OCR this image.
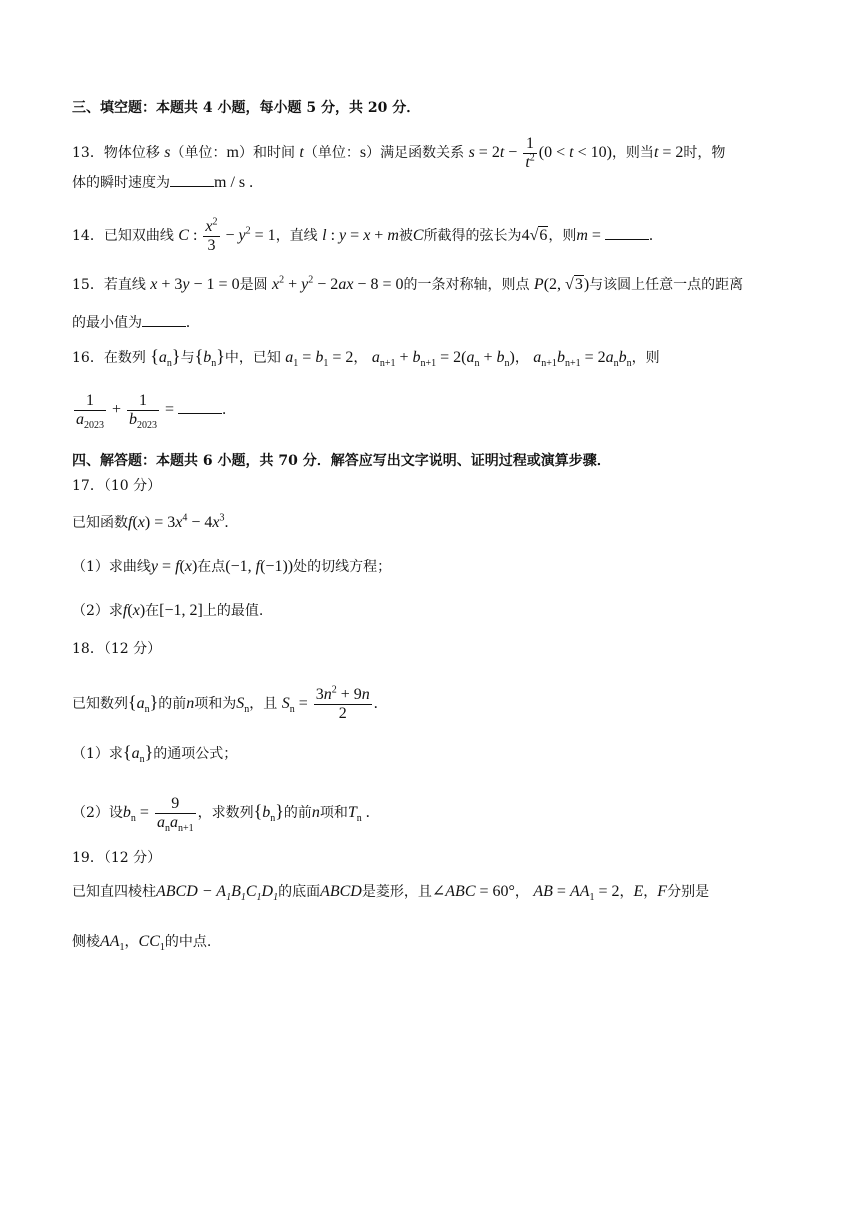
三、填空题：本题共 4 小题，每小题 5 分，共 20 分．
13．物体位移 s（单位：m）和时间 t（单位：s）满足函数关系 $s = 2t - \frac{1}{t^2} (0 < t < 10)$，则当t = 2时，物
体的瞬时速度为	m / s .
14．已知双曲线 C : $\frac{x^2}{3} - y^2 = 1$，直线 l : y = x + m被C所截得的弦长为4√6，则m =	.
15．若直线 x + 3y − 1 = 0是圆 $x^2 + y^2 - 2ax - 8 = 0$的一条对称轴，则点 P(2, √3)与该圆上任意一点的距离
的最小值为	.
16．在数列 $\{a_n\}$与$\{b_n\}$中，已知 $a_1 = b_1 = 2$， $a_{n+1} + b_{n+1} = 2(a_n + b_n)$， $a_{n+1}b_{n+1} = 2a_nb_n$，则
$\frac{1}{a_{2023}} + \frac{1}{b_{2023}}$ =	.
四、解答题：本题共 6 小题，共 70 分．解答应写出文字说明、证明过程或演算步骤．
17．（10 分）
已知函数$f(x) = 3x^4 - 4x^3$.
（1）求曲线y = f(x)在点(−1, f(−1))处的切线方程；
（2）求f(x)在[−1, 2]上的最值.
18．（12 分）
已知数列$\{a_n\}$的前n项和为$S_n$，且 $S_n = \frac{3n^2 + 9n}{2}$ .
（1）求$\{a_n\}$的通项公式；
（2）设$b_n = \frac{9}{a_na_{n+1}}$ ，求数列$\{b_n\}$的前n项和$T_n$ .
19．（12 分）
已知直四棱柱ABCD − $A_1B_1C_1D_1$的底面ABCD是菱形，且∠ABC = 60°， AB = $AA_1 = 2$，E，F分别是
侧棱$AA_1$，$CC_1$的中点.
